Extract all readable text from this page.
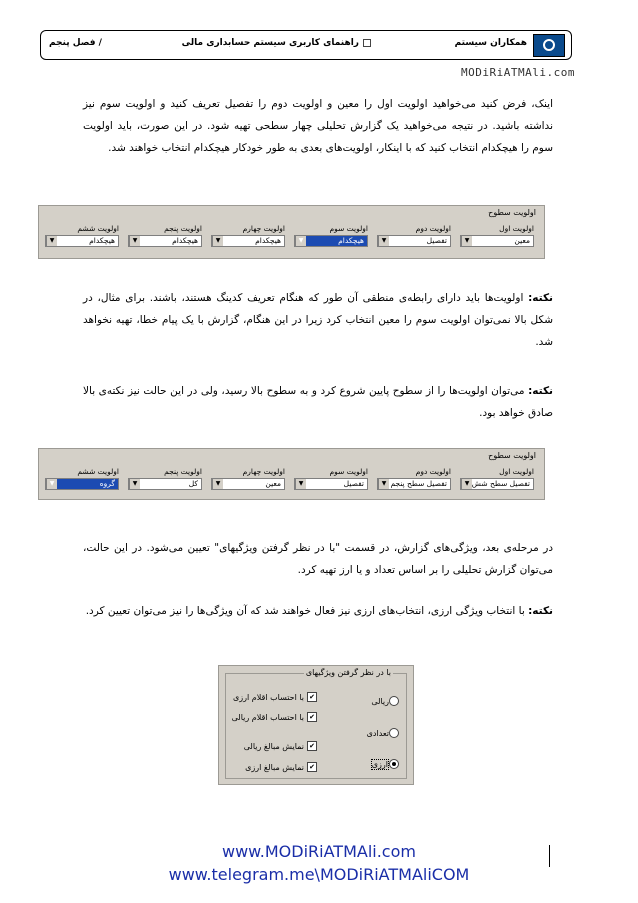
همکاران سیستم
راهنمای کاربری سیستم حسابداری مالی
/ فصل پنجم
MODiRiATMAli.com
اینک، فرض کنید می‌خواهید اولویت اول را معین و اولویت دوم را تفصیل تعریف کنید و اولویت سوم نیز نداشته باشید. در نتیجه می‌خواهید یک گزارش تحلیلی چهار سطحی تهیه شود. در این صورت، باید اولویت سوم را هیچکدام انتخاب کنید که با اینکار، اولویت‌های بعدی به طور خودکار هیچکدام انتخاب خواهند شد.
اولویت سطوح
اولویت اول
معین
▼
اولویت دوم
تفصیل
▼
اولویت سوم
هیچکدام
▼
اولویت چهارم
هیچکدام
▼
اولویت پنجم
هیچکدام
▼
اولویت ششم
هیچکدام
▼
نکته: اولویت‌ها باید دارای رابطه‌ی منطقی آن طور که هنگام تعریف کدینگ هستند، باشند. برای مثال، در شکل بالا نمی‌توان اولویت سوم را معین انتخاب کرد زیرا در این هنگام، گزارش با یک پیام خطا، تهیه نخواهد شد.
نکته: می‌توان اولویت‌ها را از سطوح پایین شروع کرد و به سطوح بالا رسید، ولی در این حالت نیز نکته‌ی بالا صادق خواهد بود.
اولویت سطوح
اولویت اول
تفصیل سطح شش
▼
اولویت دوم
تفصیل سطح پنجم
▼
اولویت سوم
تفصیل
▼
اولویت چهارم
معین
▼
اولویت پنجم
کل
▼
اولویت ششم
گروه
▼
در مرحله‌ی بعد، ویژگی‌های گزارش، در قسمت "با در نظر گرفتن ویژگیهای" تعیین می‌شود. در این حالت، می‌توان گزارش تحلیلی را بر اساس تعداد و یا ارز تهیه کرد.
نکته: با انتخاب ویژگی ارزی، انتخاب‌های ارزی نیز فعال خواهند شد که آن ویژگی‌ها را نیز می‌توان تعیین کرد.
با در نظر گرفتن ویژگیهای
ریالی
تعدادی
ارزی
✔با احتساب اقلام ارزی
✔با احتساب اقلام ریالی
✔نمایش مبالغ ریالی
✔نمایش مبالغ ارزی
www.MODiRiATMAli.com
www.telegram.me\MODiRiATMAliCOM
